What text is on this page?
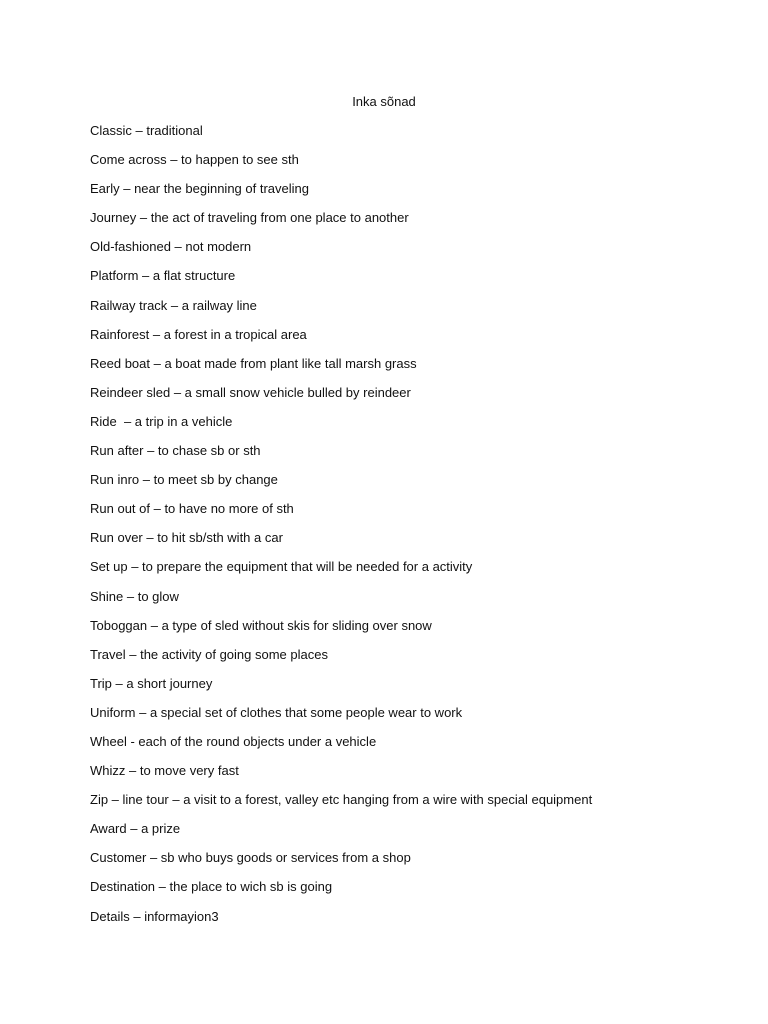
Inka sõnad
Classic – traditional
Come across – to happen to see sth
Early – near the beginning of traveling
Journey – the act of traveling from one place to another
Old-fashioned – not modern
Platform – a flat structure
Railway track – a railway line
Rainforest – a forest in a tropical area
Reed boat – a boat made from plant like tall marsh grass
Reindeer sled – a small snow vehicle bulled by reindeer
Ride  – a trip in a vehicle
Run after – to chase sb or sth
Run inro – to meet sb by change
Run out of – to have no more of sth
Run over – to hit sb/sth with a car
Set up – to prepare the equipment that will be needed for a activity
Shine – to glow
Toboggan – a type of sled without skis for sliding over snow
Travel – the activity of going some places
Trip – a short journey
Uniform – a special set of clothes that some people wear to work
Wheel - each of the round objects under a vehicle
Whizz – to move very fast
Zip – line tour – a visit to a forest, valley etc hanging from a wire with special equipment
Award – a prize
Customer – sb who buys goods or services from a shop
Destination – the place to wich sb is going
Details – informayion3
